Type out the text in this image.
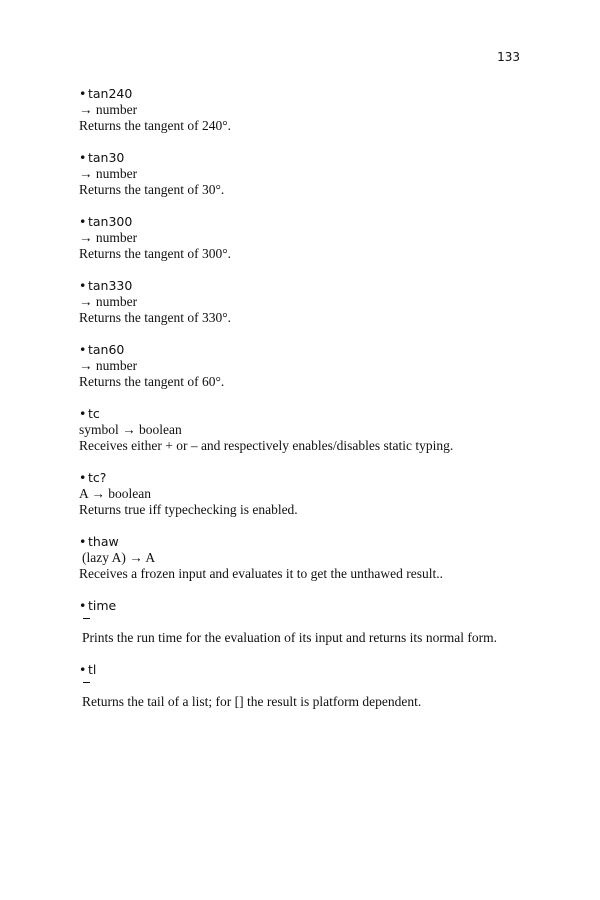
133
• tan240
→ number
Returns the tangent of 240°.
• tan30
→ number
Returns the tangent of 30°.
• tan300
→ number
Returns the tangent of 300°.
• tan330
→ number
Returns the tangent of 330°.
• tan60
→ number
Returns the tangent of 60°.
• tc
symbol → boolean
Receives either + or – and respectively enables/disables static typing.
• tc?
A → boolean
Returns true iff typechecking is enabled.
• thaw
(lazy A) → A
Receives a frozen input and evaluates it to get the unthawed result..
• time
Prints the run time for the evaluation of its input and returns its normal form.
• tl
Returns the tail of a list; for [] the result is platform dependent.
